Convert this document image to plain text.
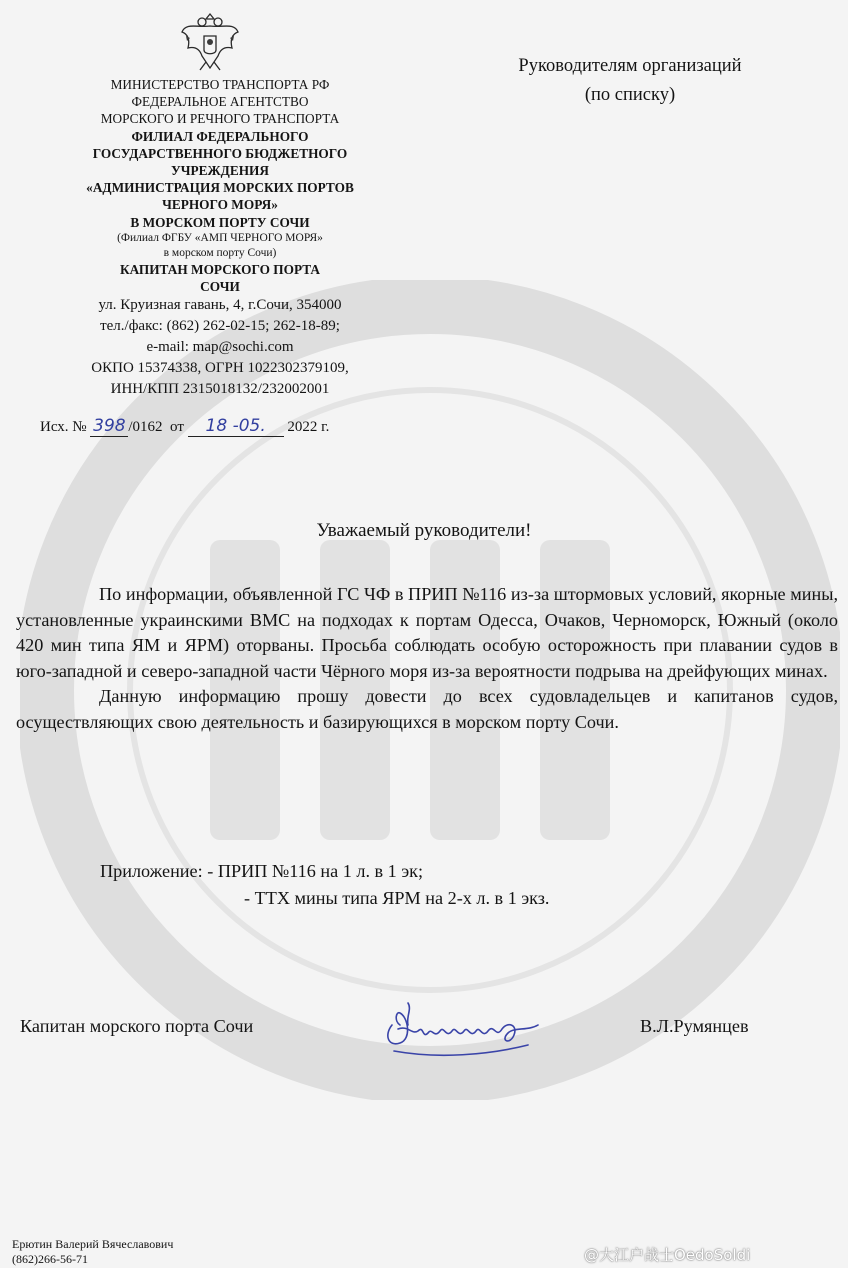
МИНИСТЕРСТВО ТРАНСПОРТА РФ
ФЕДЕРАЛЬНОЕ АГЕНТСТВО
МОРСКОГО И РЕЧНОГО ТРАНСПОРТА
ФИЛИАЛ ФЕДЕРАЛЬНОГО
ГОСУДАРСТВЕННОГО БЮДЖЕТНОГО
УЧРЕЖДЕНИЯ
«АДМИНИСТРАЦИЯ МОРСКИХ ПОРТОВ
ЧЕРНОГО МОРЯ»
В МОРСКОМ ПОРТУ СОЧИ
(Филиал ФГБУ «АМП ЧЕРНОГО МОРЯ»
в морском порту Сочи)
КАПИТАН МОРСКОГО ПОРТА
СОЧИ
ул. Круизная гавань, 4, г.Сочи, 354000
тел./факс: (862) 262-02-15; 262-18-89;
e-mail: map@sochi.com
ОКПО 15374338, ОГРН 1022302379109,
ИНН/КПП 2315018132/232002001
Исх. № 398 /0162 от 18 -05. 2022 г.
Руководителям организаций
(по списку)
Уважаемый руководители!

По информации, объявленной ГС ЧФ в ПРИП №116 из-за штормовых условий, якорные мины, установленные украинскими ВМС на подходах к портам Одесса, Очаков, Черноморск, Южный (около 420 мин типа ЯМ и ЯРМ) оторваны. Просьба соблюдать особую осторожность при плавании судов в юго-западной и северо-западной части Чёрного моря из-за вероятности подрыва на дрейфующих минах.

Данную информацию прошу довести до всех судовладельцев и капитанов судов, осуществляющих свою деятельность и базирующихся в морском порту Сочи.

Приложение: - ПРИП №116 на 1 л. в 1 эк;
- ТТХ мины типа ЯРМ на 2-х л. в 1 экз.
Капитан морского порта Сочи	В.Л.Румянцев
Ерютин Валерий Вячеславович
(862)266-56-71	@大江户战士OedoSoldi
